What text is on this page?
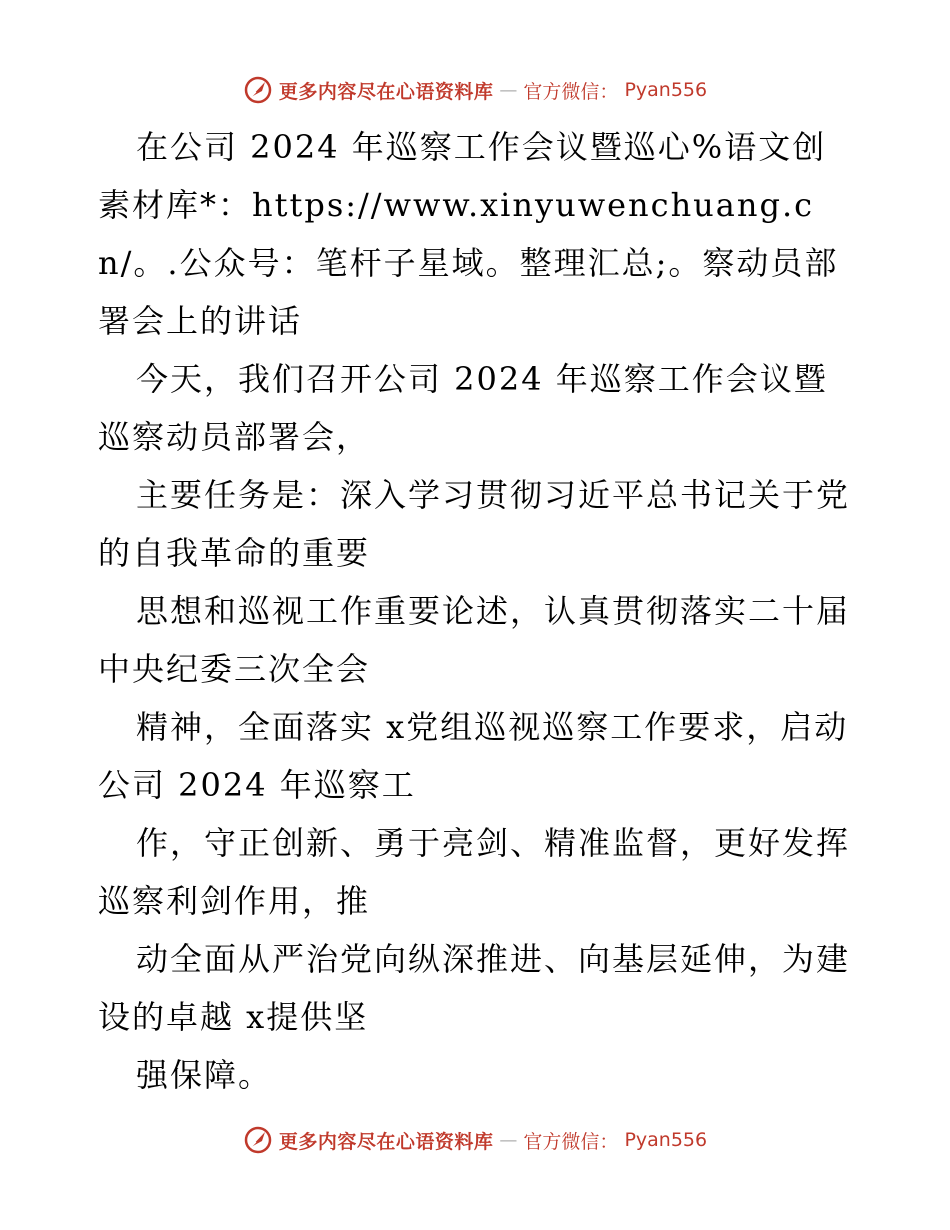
更多内容尽在心语资料库 — 官方微信： Pyan556

在公司 2024 年巡察工作会议暨巡心%语文创素材库*：https://www.xinyuwenchuang.cn/。.公众号：笔杆子星域。整理汇总;。察动员部署会上的讲话

今天，我们召开公司 2024 年巡察工作会议暨巡察动员部署会，

主要任务是：深入学习贯彻习近平总书记关于党的自我革命的重要

思想和巡视工作重要论述，认真贯彻落实二十届中央纪委三次全会

精神，全面落实 x党组巡视巡察工作要求，启动公司 2024 年巡察工

作，守正创新、勇于亮剑、精准监督，更好发挥巡察利剑作用，推

动全面从严治党向纵深推进、向基层延伸，为建设的卓越 x提供坚

强保障。

更多内容尽在心语资料库 — 官方微信： Pyan556
